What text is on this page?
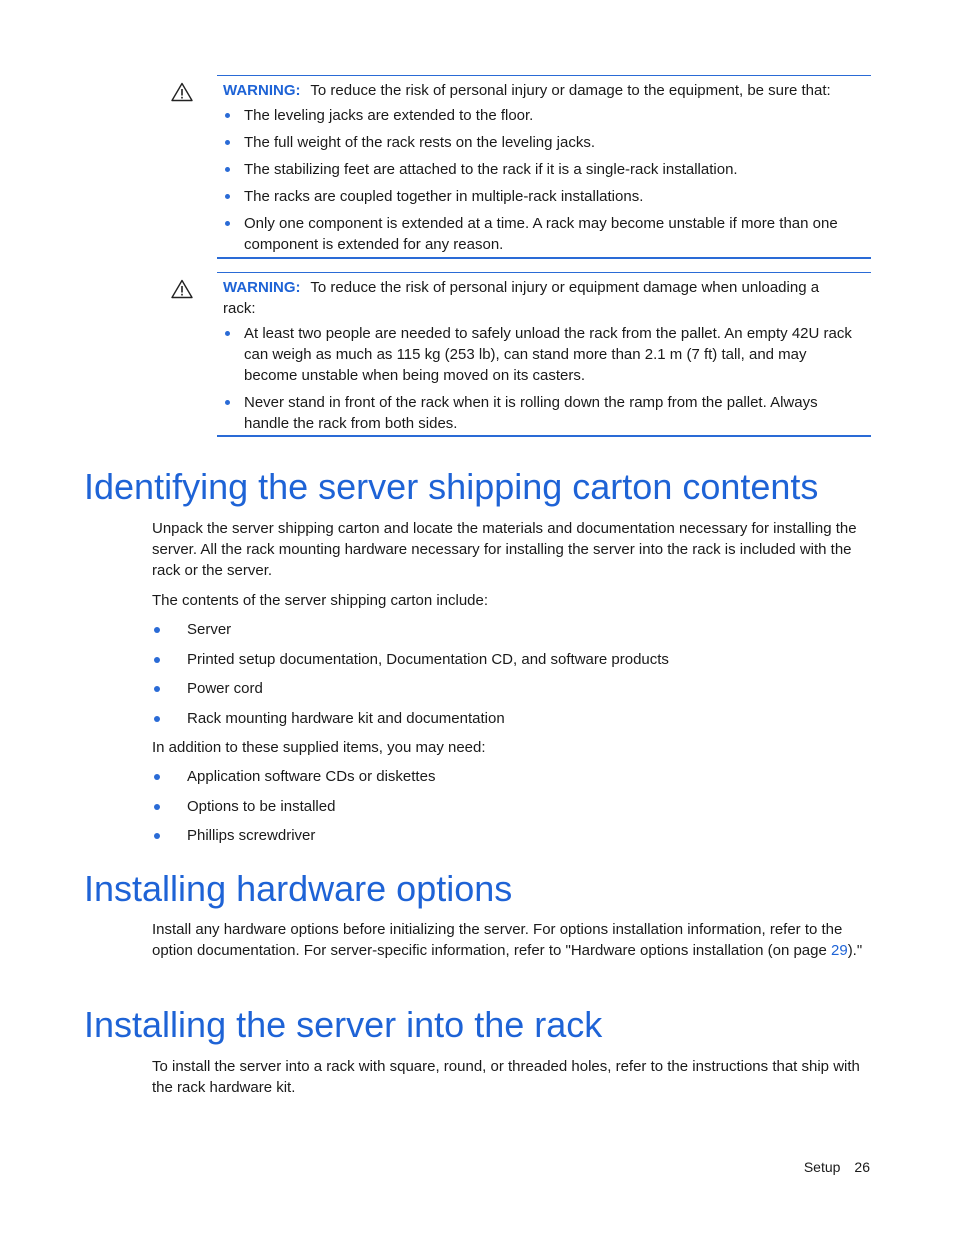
WARNING: To reduce the risk of personal injury or damage to the equipment, be sure that:

The leveling jacks are extended to the floor.
The full weight of the rack rests on the leveling jacks.
The stabilizing feet are attached to the rack if it is a single-rack installation.
The racks are coupled together in multiple-rack installations.
Only one component is extended at a time. A rack may become unstable if more than one component is extended for any reason.

WARNING: To reduce the risk of personal injury or equipment damage when unloading a rack:

At least two people are needed to safely unload the rack from the pallet. An empty 42U rack can weigh as much as 115 kg (253 lb), can stand more than 2.1 m (7 ft) tall, and may become unstable when being moved on its casters.
Never stand in front of the rack when it is rolling down the ramp from the pallet. Always handle the rack from both sides.
Identifying the server shipping carton contents

Unpack the server shipping carton and locate the materials and documentation necessary for installing the server. All the rack mounting hardware necessary for installing the server into the rack is included with the rack or the server.

The contents of the server shipping carton include:

Server
Printed setup documentation, Documentation CD, and software products
Power cord
Rack mounting hardware kit and documentation

In addition to these supplied items, you may need:

Application software CDs or diskettes
Options to be installed
Phillips screwdriver
Installing hardware options

Install any hardware options before initializing the server. For options installation information, refer to the option documentation. For server-specific information, refer to "Hardware options installation (on page 29)."

Installing the server into the rack

To install the server into a rack with square, round, or threaded holes, refer to the instructions that ship with the rack hardware kit.

Setup 26
